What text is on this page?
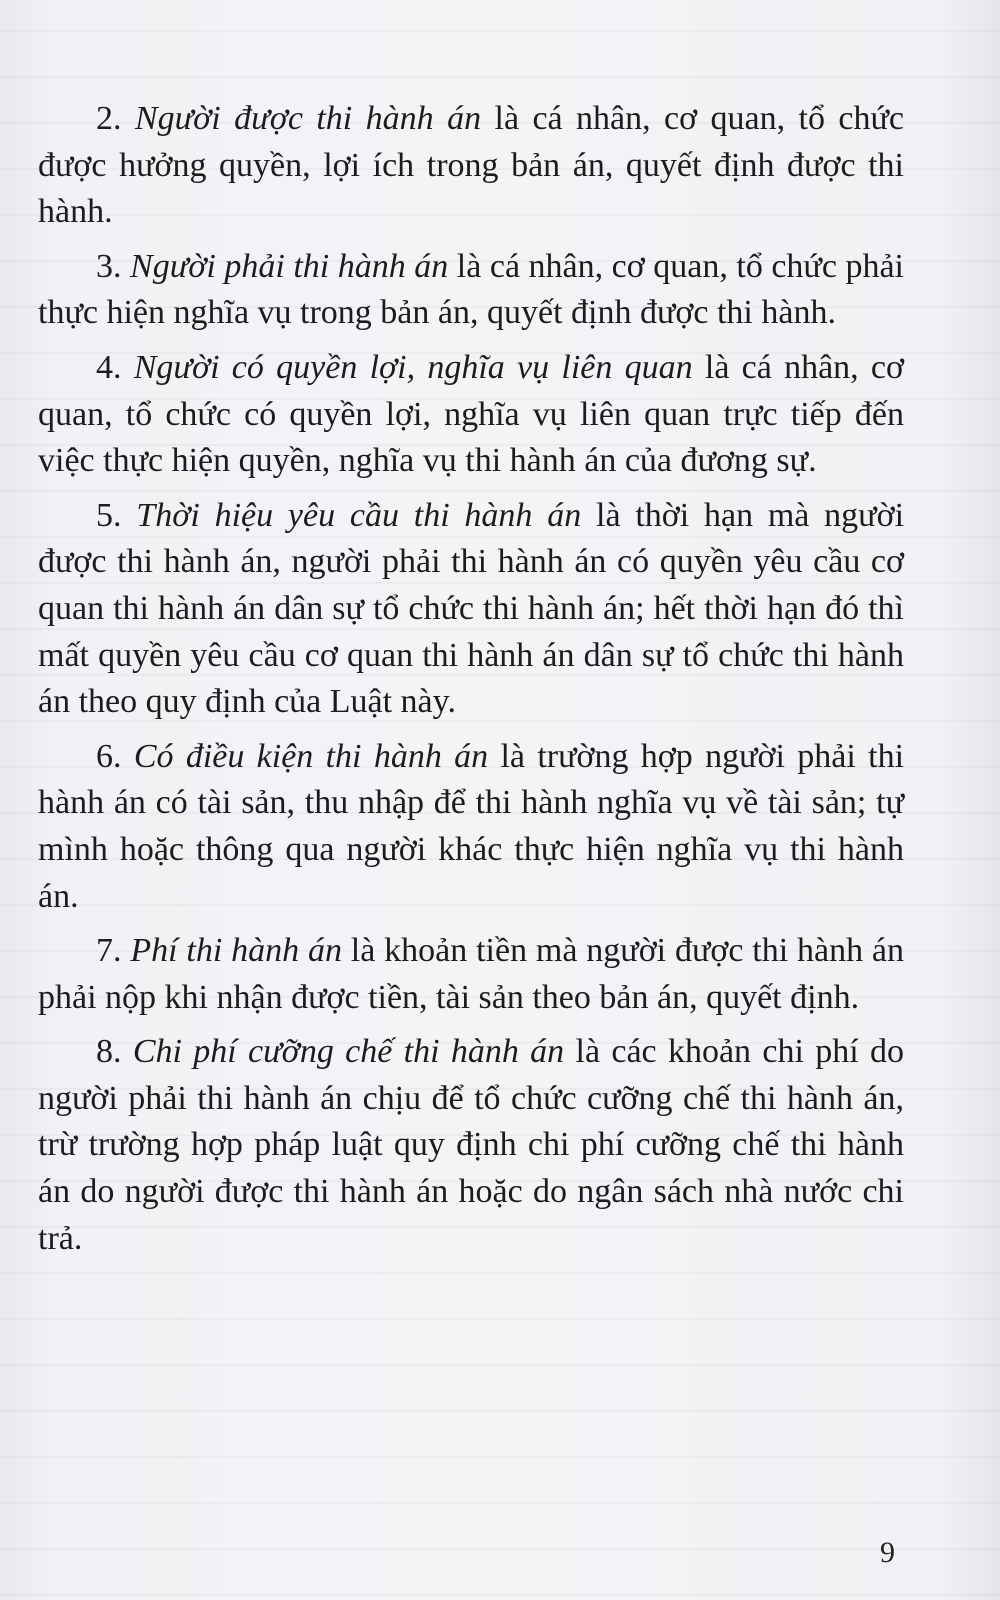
2. Người được thi hành án là cá nhân, cơ quan, tổ chức được hưởng quyền, lợi ích trong bản án, quyết định được thi hành.

3. Người phải thi hành án là cá nhân, cơ quan, tổ chức phải thực hiện nghĩa vụ trong bản án, quyết định được thi hành.

4. Người có quyền lợi, nghĩa vụ liên quan là cá nhân, cơ quan, tổ chức có quyền lợi, nghĩa vụ liên quan trực tiếp đến việc thực hiện quyền, nghĩa vụ thi hành án của đương sự.

5. Thời hiệu yêu cầu thi hành án là thời hạn mà người được thi hành án, người phải thi hành án có quyền yêu cầu cơ quan thi hành án dân sự tổ chức thi hành án; hết thời hạn đó thì mất quyền yêu cầu cơ quan thi hành án dân sự tổ chức thi hành án theo quy định của Luật này.

6. Có điều kiện thi hành án là trường hợp người phải thi hành án có tài sản, thu nhập để thi hành nghĩa vụ về tài sản; tự mình hoặc thông qua người khác thực hiện nghĩa vụ thi hành án.

7. Phí thi hành án là khoản tiền mà người được thi hành án phải nộp khi nhận được tiền, tài sản theo bản án, quyết định.

8. Chi phí cưỡng chế thi hành án là các khoản chi phí do người phải thi hành án chịu để tổ chức cưỡng chế thi hành án, trừ trường hợp pháp luật quy định chi phí cưỡng chế thi hành án do người được thi hành án hoặc do ngân sách nhà nước chi trả.

9
